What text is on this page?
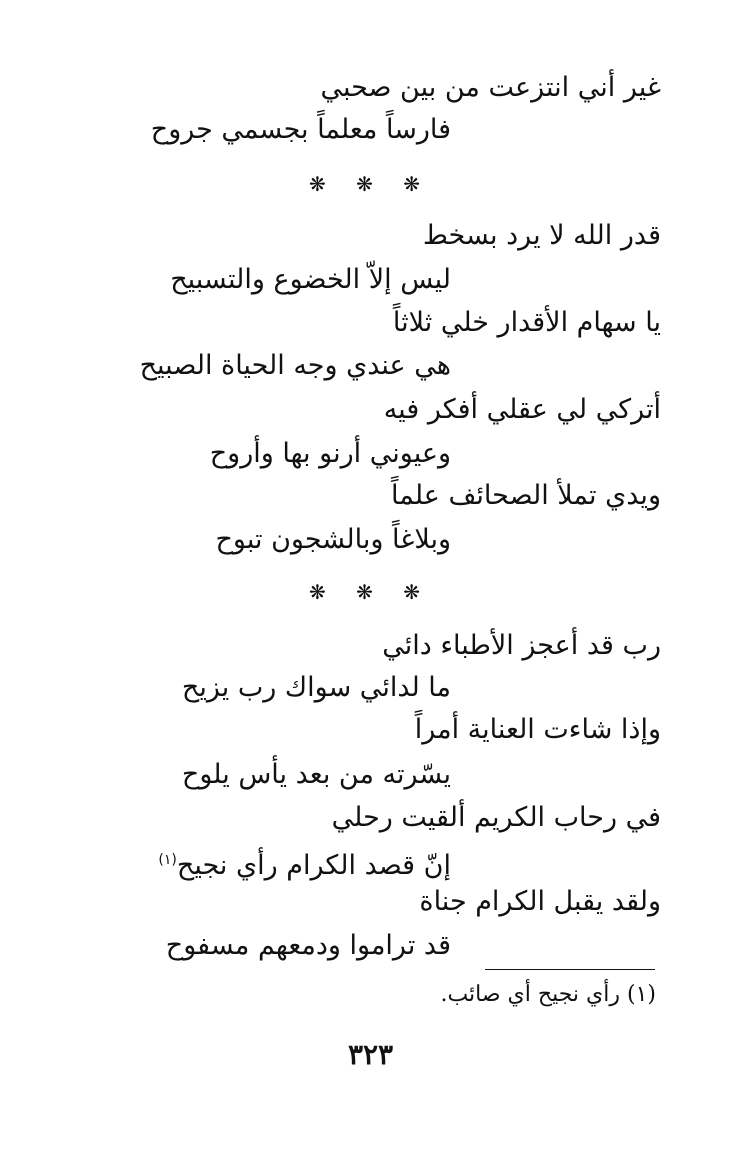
غير أني انتزعت من بين صحبي
فارساً معلماً بجسمي جروح
❋ ❋ ❋
قدر الله لا يرد بسخط
ليس إلاّ الخضوع والتسبيح
يا سهام الأقدار خلي ثلاثاً
هي عندي وجه الحياة الصبيح
أتركي لي عقلي أفكر فيه
وعيوني أرنو بها وأروح
ويدي تملأ الصحائف علماً
وبلاغاً وبالشجون تبوح
❋ ❋ ❋
رب قد أعجز الأطباء دائي
ما لدائي سواك رب يزيح
وإذا شاءت العناية أمراً
يسّرته من بعد يأس يلوح
في رحاب الكريم ألقيت رحلي
إنّ قصد الكرام رأي نجيح$^{(١)}$
ولقد يقبل الكرام جناة
قد تراموا ودمعهم مسفوح
(١) رأي نجيح أي صائب.
٣٢٣
